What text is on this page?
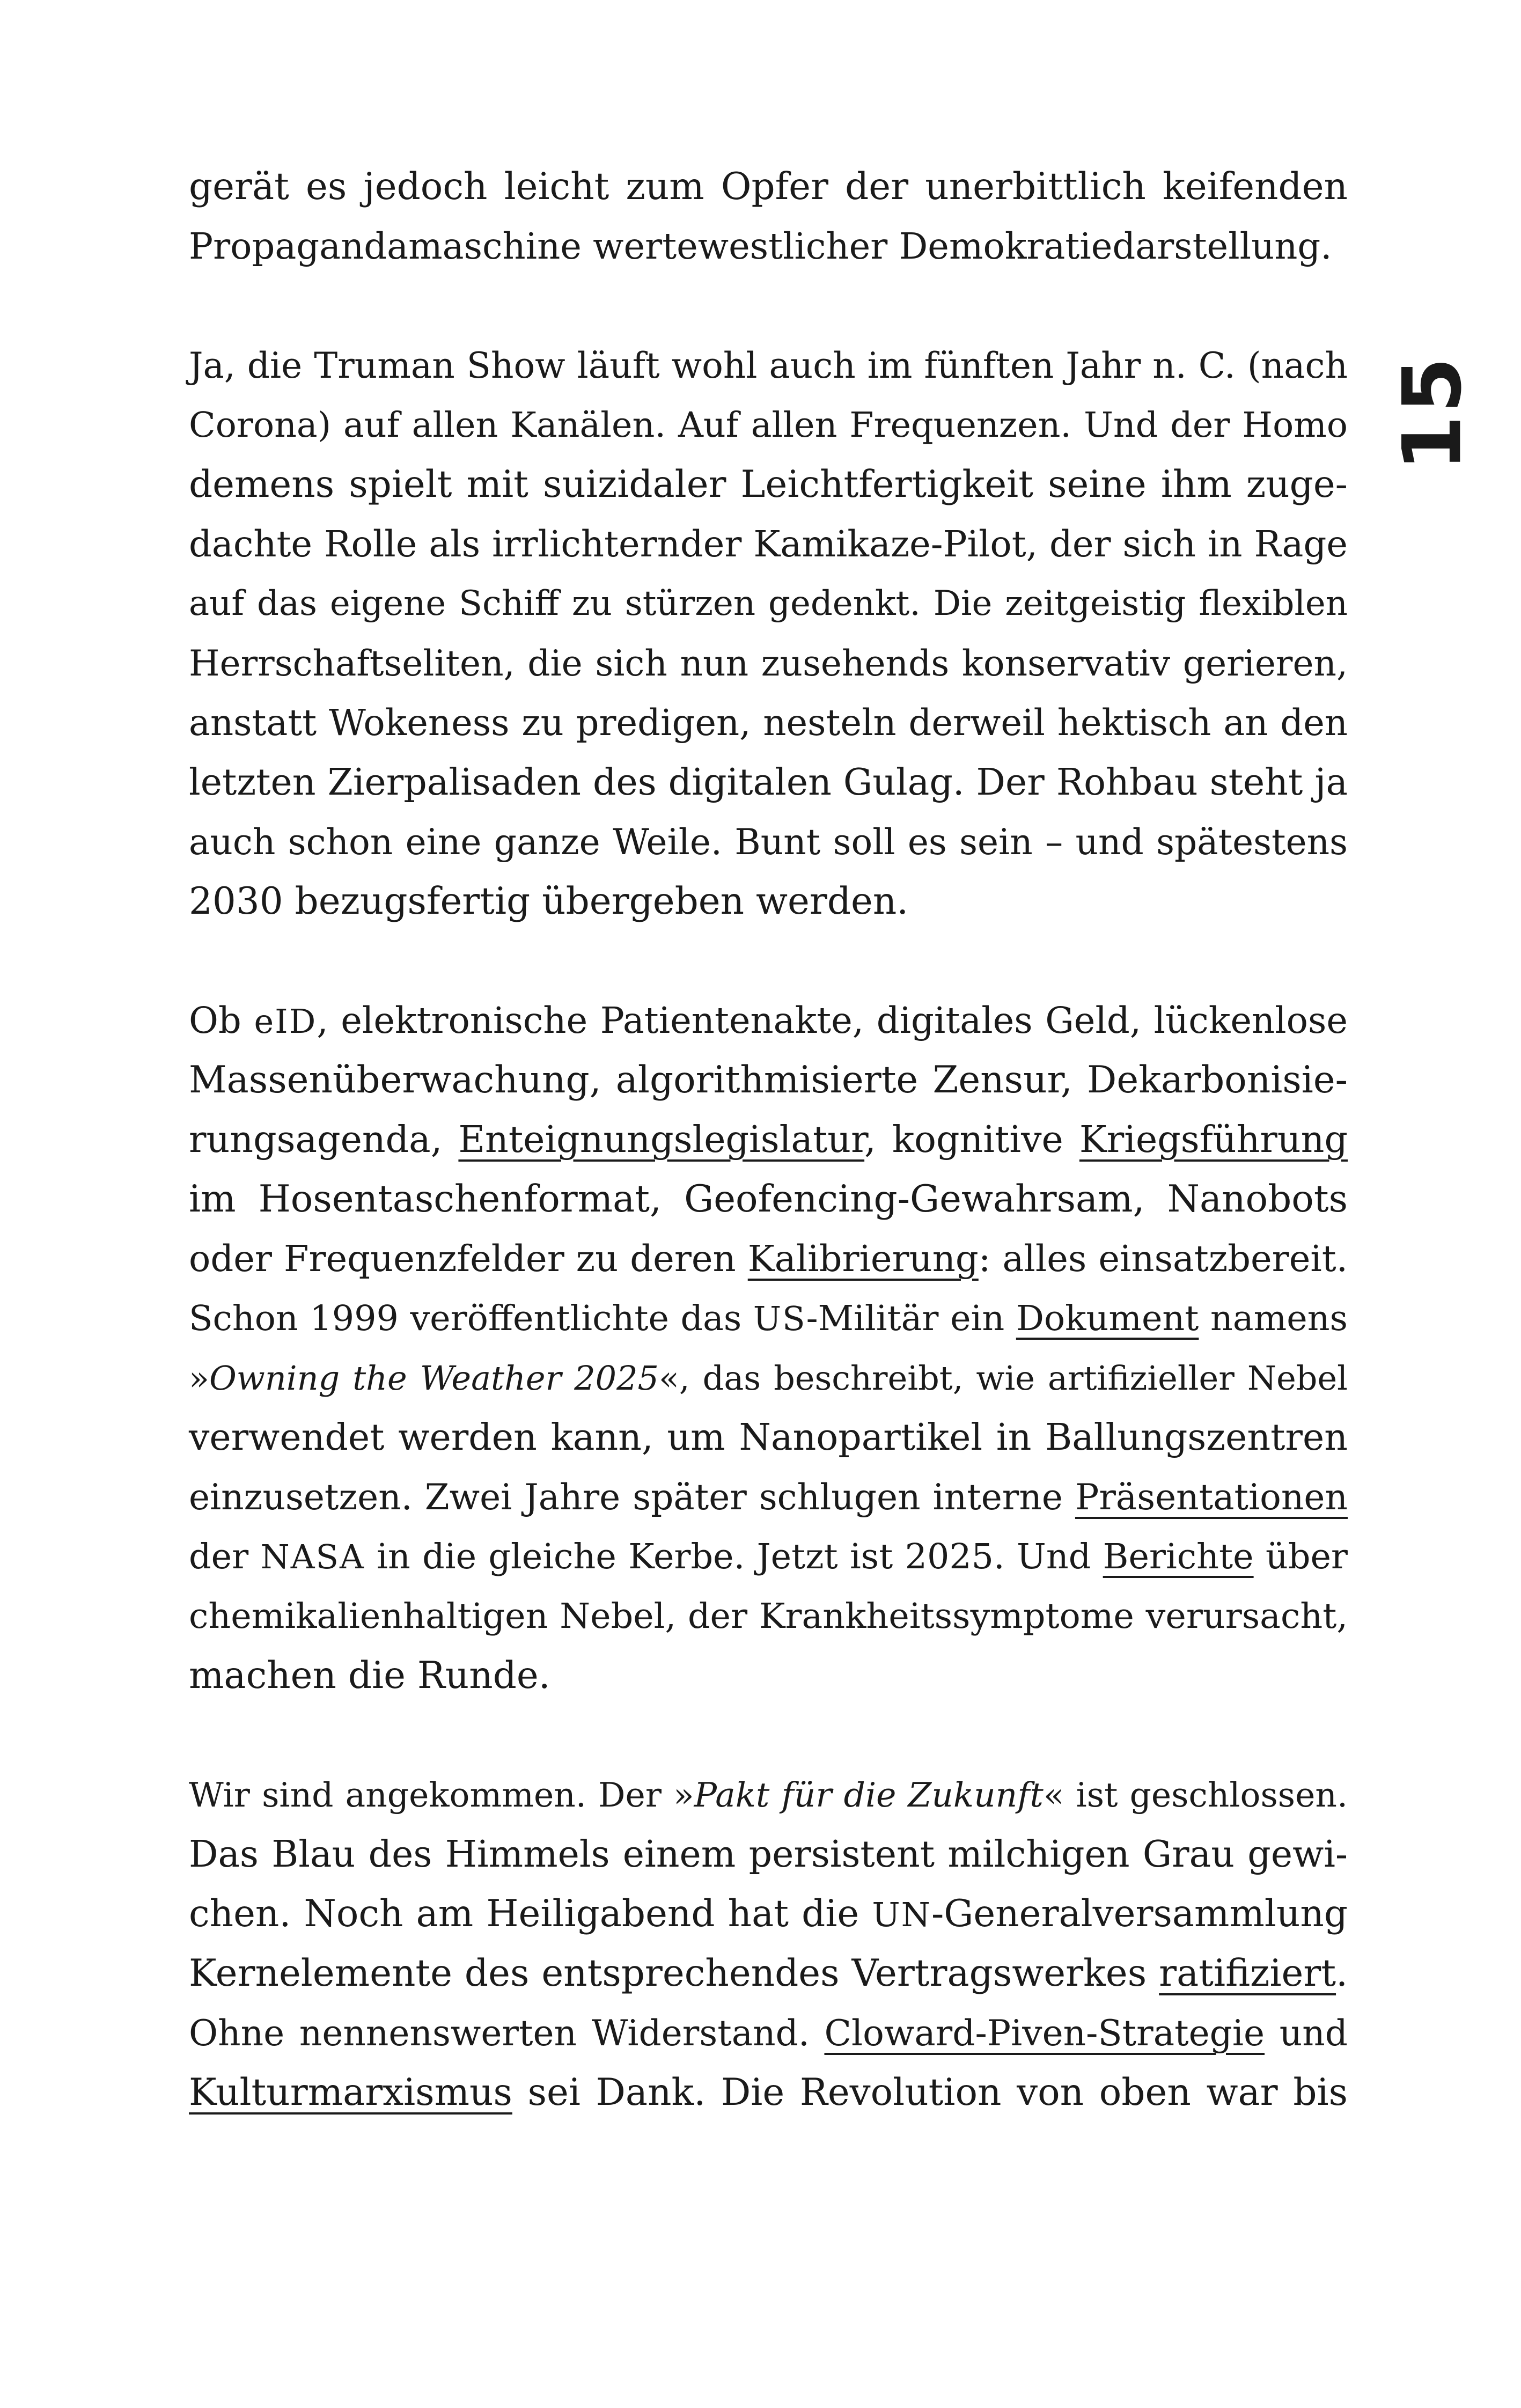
15
gerät es jedoch leicht zum Opfer der unerbittlich keifenden
Propagandamaschine wertewestlicher Demokratiedarstellung.
Ja, die Truman Show läuft wohl auch im fünften Jahr n. C. (nach
Corona) auf allen Kanälen. Auf allen Frequenzen. Und der Homo
demens spielt mit suizidaler Leichtfertigkeit seine ihm zuge-
dachte Rolle als irrlichternder Kamikaze-Pilot, der sich in Rage
auf das eigene Schiff zu stürzen gedenkt. Die zeitgeistig flexiblen
Herrschaftseliten, die sich nun zusehends konservativ gerieren,
anstatt Wokeness zu predigen, nesteln derweil hektisch an den
letzten Zierpalisaden des digitalen Gulag. Der Rohbau steht ja
auch schon eine ganze Weile. Bunt soll es sein – und spätestens
2030 bezugsfertig übergeben werden.
Ob eID, elektronische Patientenakte, digitales Geld, lückenlose
Massenüberwachung, algorithmisierte Zensur, Dekarbonisie-
rungsagenda, Enteignungslegislatur, kognitive Kriegsführung
im Hosentaschenformat, Geofencing-Gewahrsam, Nanobots
oder Frequenzfelder zu deren Kalibrierung: alles einsatzbereit.
Schon 1999 veröffentlichte das US-Militär ein Dokument namens
»Owning the Weather 2025«, das beschreibt, wie artifizieller Nebel
verwendet werden kann, um Nanopartikel in Ballungszentren
einzusetzen. Zwei Jahre später schlugen interne Präsentationen
der NASA in die gleiche Kerbe. Jetzt ist 2025. Und Berichte über
chemikalienhaltigen Nebel, der Krankheitssymptome verursacht,
machen die Runde.
Wir sind angekommen. Der »Pakt für die Zukunft« ist geschlossen.
Das Blau des Himmels einem persistent milchigen Grau gewi-
chen. Noch am Heiligabend hat die UN-Generalversammlung
Kernelemente des entsprechendes Vertragswerkes ratifiziert.
Ohne nennenswerten Widerstand. Cloward-Piven-Strategie und
Kulturmarxismus sei Dank. Die Revolution von oben war bis
